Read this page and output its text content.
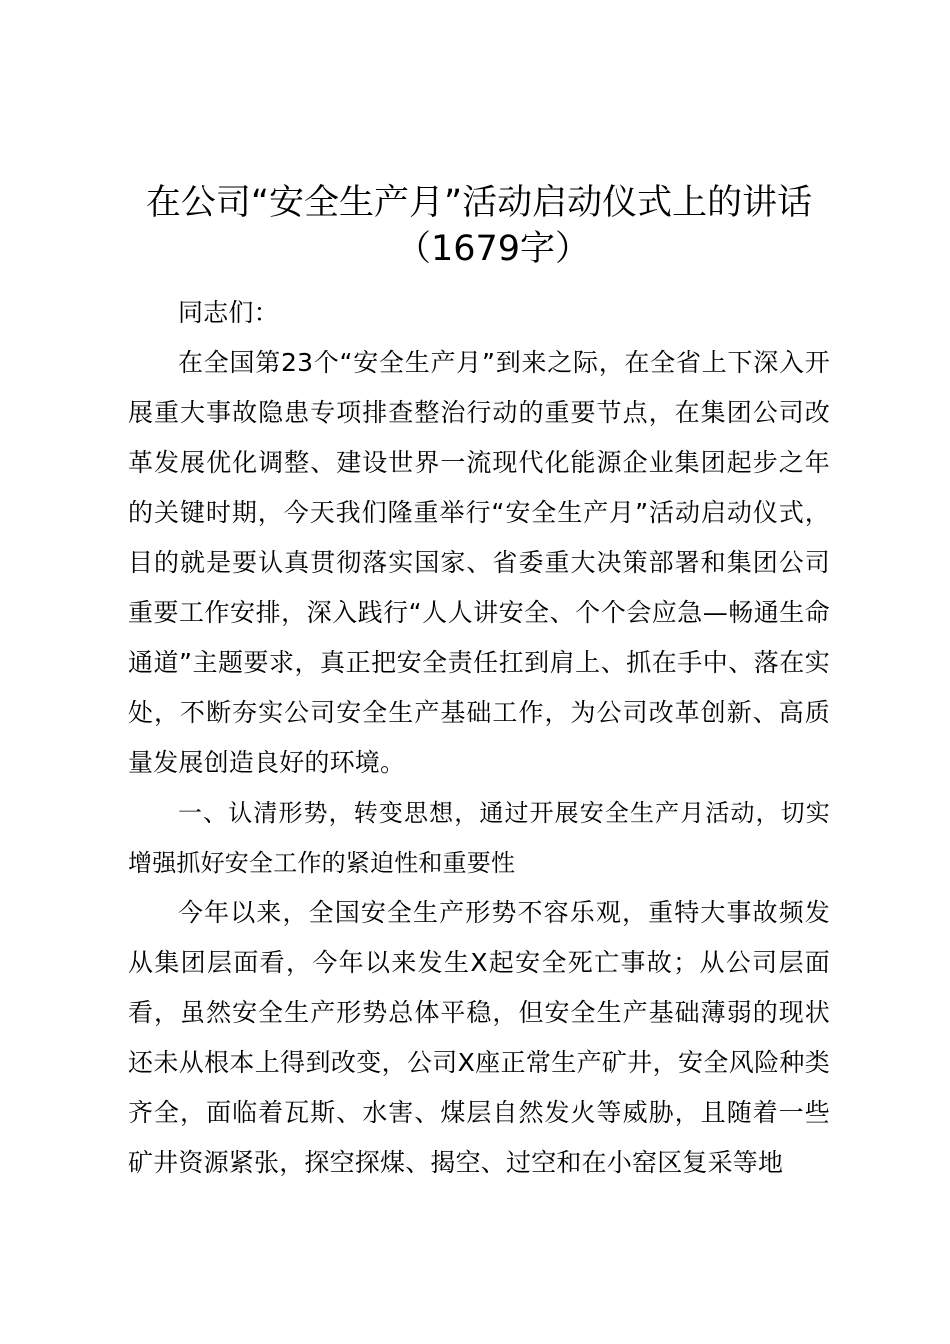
在公司“安全生产月”活动启动仪式上的讲话
（1679字）

同志们：

在全国第23个“安全生产月”到来之际，在全省上下深入开展重大事故隐患专项排查整治行动的重要节点，在集团公司改革发展优化调整、建设世界一流现代化能源企业集团起步之年的关键时期，今天我们隆重举行“安全生产月”活动启动仪式，目的就是要认真贯彻落实国家、省委重大决策部署和集团公司重要工作安排，深入践行“人人讲安全、个个会应急—畅通生命通道”主题要求，真正把安全责任扛到肩上、抓在手中、落在实处，不断夯实公司安全生产基础工作，为公司改革创新、高质量发展创造良好的环境。

一、认清形势，转变思想，通过开展安全生产月活动，切实增强抓好安全工作的紧迫性和重要性

今年以来，全国安全生产形势不容乐观，重特大事故频发从集团层面看，今年以来发生X起安全死亡事故；从公司层面看，虽然安全生产形势总体平稳，但安全生产基础薄弱的现状还未从根本上得到改变，公司X座正常生产矿井，安全风险种类齐全，面临着瓦斯、水害、煤层自然发火等威胁，且随着一些矿井资源紧张，探空探煤、揭空、过空和在小窑区复采等地
